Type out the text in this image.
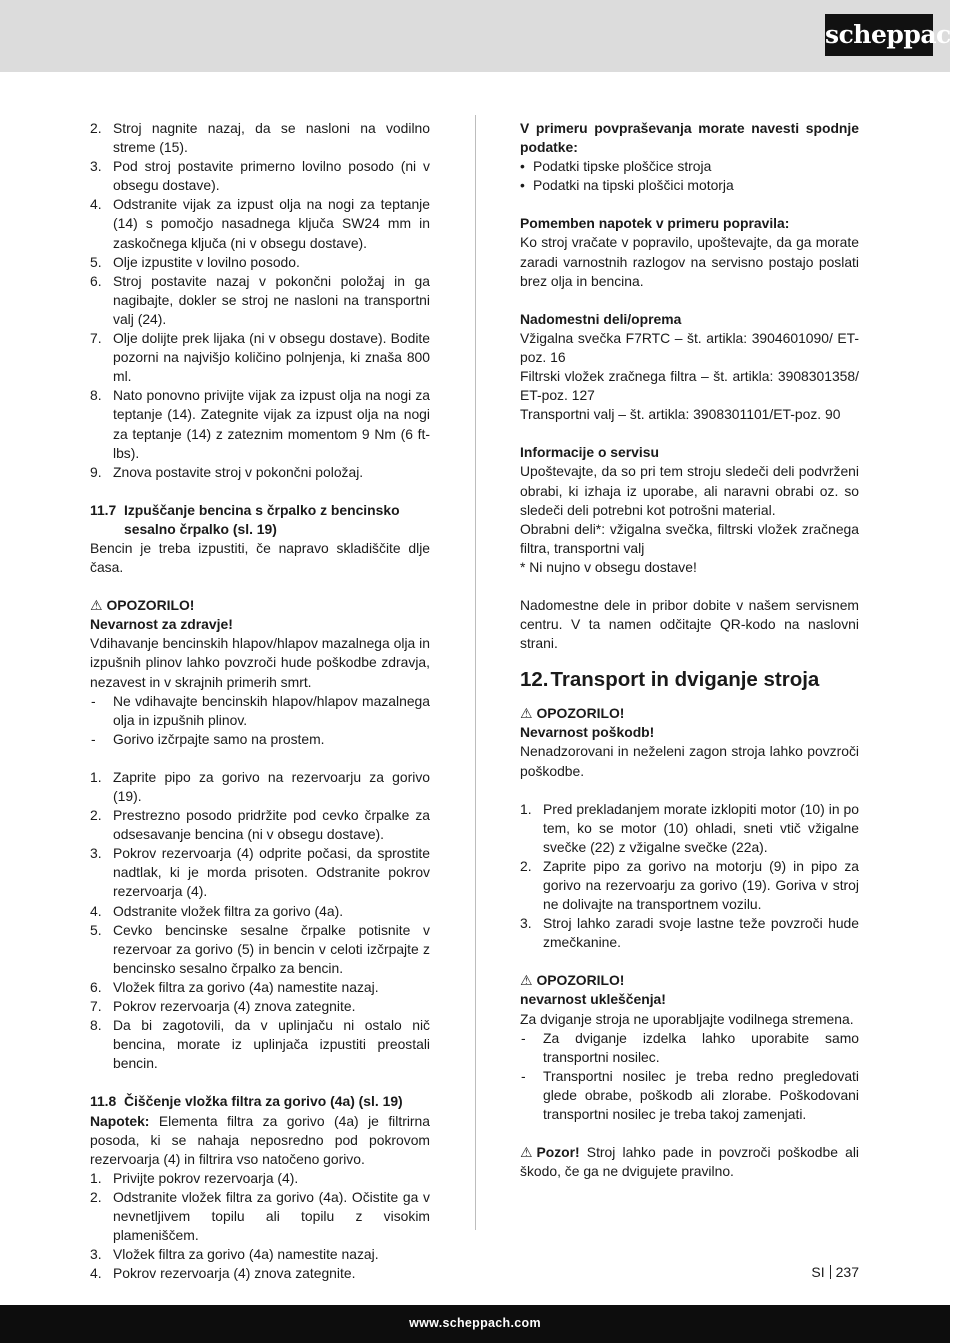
scheppach
2. Stroj nagnite nazaj, da se nasloni na vodilno streme (15).
3. Pod stroj postavite primerno lovilno posodo (ni v obsegu dostave).
4. Odstranite vijak za izpust olja na nogi za teptanje (14) s pomočjo nasadnega ključa SW24 mm in zaskočnega ključa (ni v obsegu dostave).
5. Olje izpustite v lovilno posodo.
6. Stroj postavite nazaj v pokončni položaj in ga nagibajte, dokler se stroj ne nasloni na transportni valj (24).
7. Olje dolijte prek lijaka (ni v obsegu dostave). Bodite pozorni na najvišjo količino polnjenja, ki znaša 800 ml.
8. Nato ponovno privijte vijak za izpust olja na nogi za teptanje (14). Zategnite vijak za izpust olja na nogi za teptanje (14) z zateznim momentom 9 Nm (6 ft-lbs).
9. Znova postavite stroj v pokončni položaj.
11.7 Izpuščanje bencina s črpalko z bencinsko sesalno črpalko (sl. 19)

Bencin je treba izpustiti, če napravo skladiščite dlje časa.

⚠ OPOZORILO!

Nevarnost za zdravje!

Vdihavanje bencinskih hlapov/hlapov mazalnega olja in izpušnih plinov lahko povzroči hude poškodbe zdravja, nezavest in v skrajnih primerih smrt.

- Ne vdihavajte bencinskih hlapov/hlapov mazalnega olja in izpušnih plinov.
- Gorivo izčrpajte samo na prostem.
1. Zaprite pipo za gorivo na rezervoarju za gorivo (19).
2. Prestrezno posodo pridržite pod cevko črpalke za odsesavanje bencina (ni v obsegu dostave).
3. Pokrov rezervoarja (4) odprite počasi, da sprostite nadtlak, ki je morda prisoten. Odstranite pokrov rezervoarja (4).
4. Odstranite vložek filtra za gorivo (4a).
5. Cevko bencinske sesalne črpalke potisnite v rezervoar za gorivo (5) in bencin v celoti izčrpajte z bencinsko sesalno črpalko za bencin.
6. Vložek filtra za gorivo (4a) namestite nazaj.
7. Pokrov rezervoarja (4) znova zategnite.
8. Da bi zagotovili, da v uplinjaču ni ostalo nič bencina, morate iz uplinjača izpustiti preostali bencin.
11.8 Čiščenje vložka filtra za gorivo (4a) (sl. 19)

Napotek: Elementa filtra za gorivo (4a) je filtrirna posoda, ki se nahaja neposredno pod pokrovom rezervoarja (4) in filtrira vso natočeno gorivo.

1. Privijte pokrov rezervoarja (4).
2. Odstranite vložek filtra za gorivo (4a). Očistite ga v nevnetljivem topilu ali topilu z visokim plameniščem.
3. Vložek filtra za gorivo (4a) namestite nazaj.
4. Pokrov rezervoarja (4) znova zategnite.

V primeru povpraševanja morate navesti spodnje podatke:

• Podatki tipske ploščice stroja
• Podatki na tipski ploščici motorja

Pomemben napotek v primeru popravila:

Ko stroj vračate v popravilo, upoštevajte, da ga morate zaradi varnostnih razlogov na servisno postajo poslati brez olja in bencina.

Nadomestni deli/oprema

Vžigalna svečka F7RTC – št. artikla: 3904601090/ ET-poz. 16

Filtrski vložek zračnega filtra – št. artikla: 3908301358/ ET-poz. 127

Transportni valj – št. artikla: 3908301101/ET-poz. 90

Informacije o servisu

Upoštevajte, da so pri tem stroju sledeči deli podvrženi obrabi, ki izhaja iz uporabe, ali naravni obrabi oz. so sledeči deli potrebni kot potrošni material.

Obrabni deli*: vžigalna svečka, filtrski vložek zračnega filtra, transportni valj

* Ni nujno v obsegu dostave!

Nadomestne dele in pribor dobite v našem servisnem centru. V ta namen odčitajte QR-kodo na naslovni strani.

12.Transport in dviganje stroja

⚠ OPOZORILO!

Nevarnost poškodb!

Nenadzorovani in neželeni zagon stroja lahko povzroči poškodbe.

1. Pred prekladanjem morate izklopiti motor (10) in po tem, ko se motor (10) ohladi, sneti vtič vžigalne svečke (22) z vžigalne svečke (22a).
2. Zaprite pipo za gorivo na motorju (9) in pipo za gorivo na rezervoarju za gorivo (19). Goriva v stroj ne dolivajte na transportnem vozilu.
3. Stroj lahko zaradi svoje lastne teže povzroči hude zmečkanine.

⚠ OPOZORILO!

nevarnost ukleščenja!

Za dviganje stroja ne uporabljajte vodilnega stremena.

- Za dviganje izdelka lahko uporabite samo transportni nosilec.
- Transportni nosilec je treba redno pregledovati glede obrabe, poškodb ali zlorabe. Poškodovani transportni nosilec je treba takoj zamenjati.

⚠ Pozor! Stroj lahko pade in povzroči poškodbe ali škodo, če ga ne dvigujete pravilno.

SI 237
www.scheppach.com
